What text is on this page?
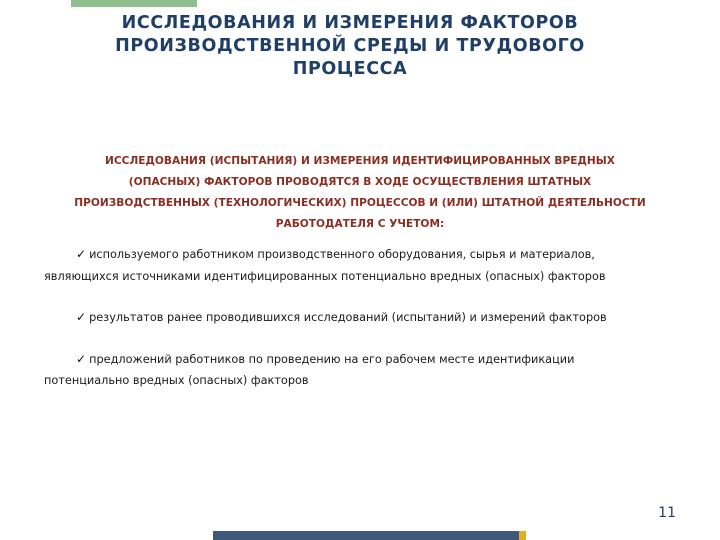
ИССЛЕДОВАНИЯ И ИЗМЕРЕНИЯ ФАКТОРОВ
ПРОИЗВОДСТВЕННОЙ СРЕДЫ И ТРУДОВОГО
ПРОЦЕССА
ИССЛЕДОВАНИЯ (ИСПЫТАНИЯ) И ИЗМЕРЕНИЯ ИДЕНТИФИЦИРОВАННЫХ ВРЕДНЫХ
(ОПАСНЫХ) ФАКТОРОВ ПРОВОДЯТСЯ В ХОДЕ ОСУЩЕСТВЛЕНИЯ ШТАТНЫХ
ПРОИЗВОДСТВЕННЫХ (ТЕХНОЛОГИЧЕСКИХ) ПРОЦЕССОВ И (ИЛИ) ШТАТНОЙ ДЕЯТЕЛЬНОСТИ
РАБОТОДАТЕЛЯ С УЧЕТОМ:
✓ используемого работником производственного оборудования, сырья и материалов,
являющихся источниками идентифицированных потенциально вредных (опасных) факторов
✓ результатов ранее проводившихся исследований (испытаний) и измерений факторов
✓ предложений работников по проведению на его рабочем месте идентификации
потенциально вредных (опасных) факторов
11
